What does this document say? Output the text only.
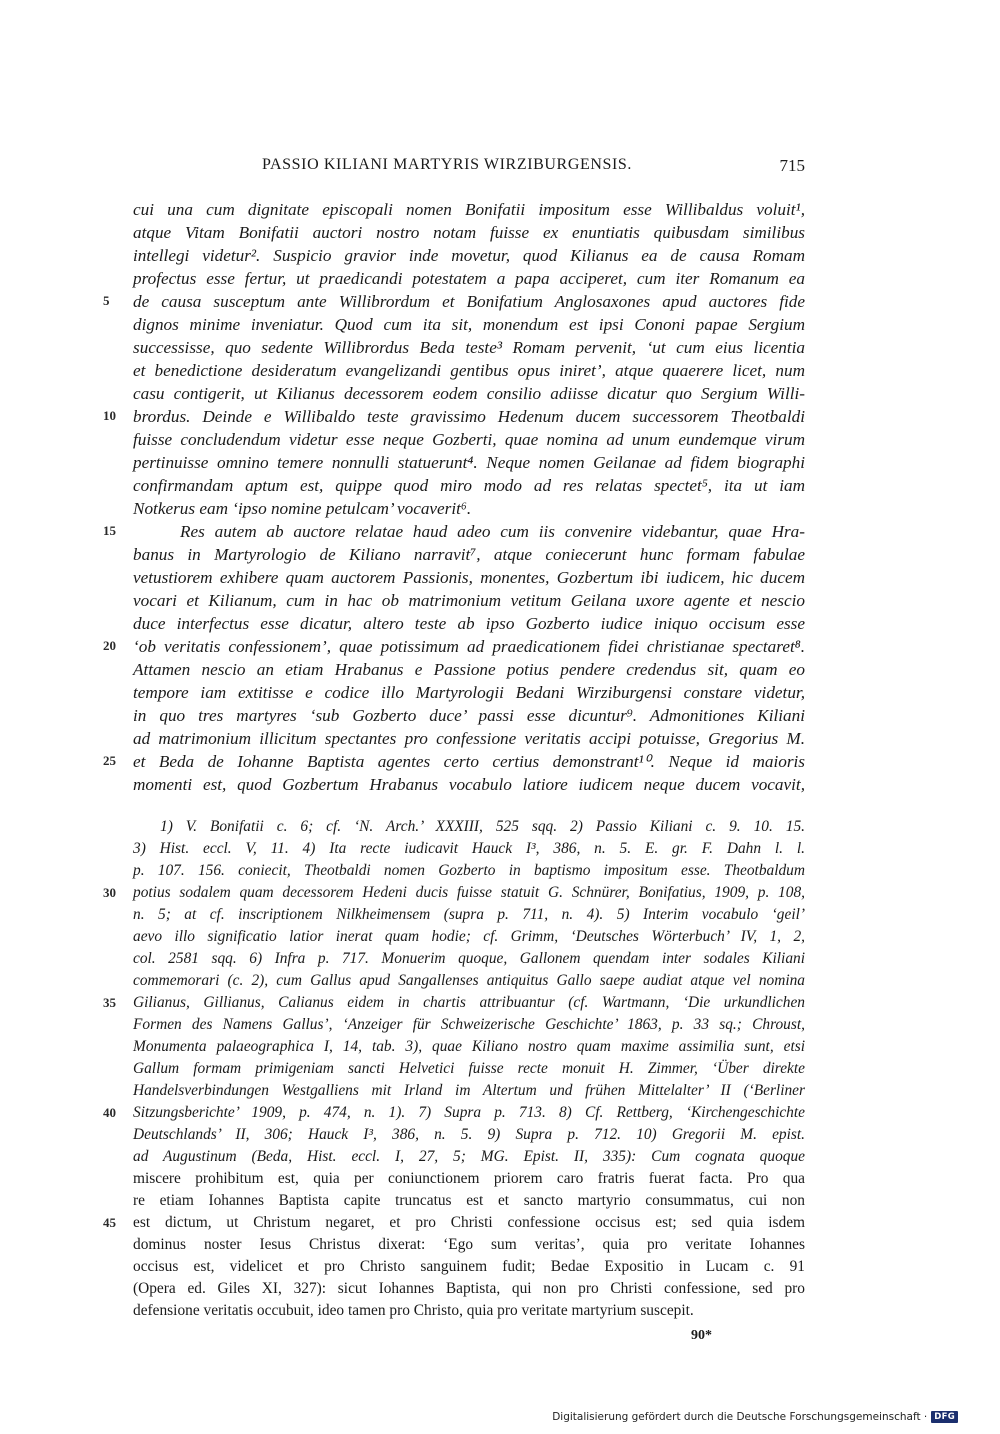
PASSIO KILIANI MARTYRIS WIRZIBURGENSIS.	715
cui una cum dignitate episcopali nomen Bonifatii impositum esse Willibaldus voluit¹,
atque Vitam Bonifatii auctori nostro notam fuisse ex enuntiatis quibusdam similibus
intellegi videtur². Suspicio gravior inde movetur, quod Kilianus ea de causa Romam
profectus esse fertur, ut praedicandi potestatem a papa acciperet, cum iter Romanum ea
de causa susceptum ante Willibrordum et Bonifatium Anglosaxones apud auctores fide
dignos minime inveniatur. Quod cum ita sit, monendum est ipsi Cononi papae Sergium
successisse, quo sedente Willibrordus Beda teste³ Romam pervenit, ‘ut cum eius licentia
et benedictione desideratum evangelizandi gentibus opus iniret’, atque quaerere licet, num
casu contigerit, ut Kilianus decessorem eodem consilio adiisse dicatur quo Sergium Willi-
brordus. Deinde e Willibaldo teste gravissimo Hedenum ducem successorem Theotbaldi
fuisse concludendum videtur esse neque Gozberti, quae nomina ad unum eundemque virum
pertinuisse omnino temere nonnulli statuerunt⁴. Neque nomen Geilanae ad fidem biographi
confirmandam aptum est, quippe quod miro modo ad res relatas spectet⁵, ita ut iam
Notkerus eam ‘ipso nomine petulcam’ vocaverit⁶.
Res autem ab auctore relatae haud adeo cum iis convenire videbantur, quae Hra-
banus in Martyrologio de Kiliano narravit⁷, atque coniecerunt hunc formam fabulae
vetustiorem exhibere quam auctorem Passionis, monentes, Gozbertum ibi iudicem, hic ducem
vocari et Kilianum, cum in hac ob matrimonium vetitum Geilana uxore agente et nescio
duce interfectus esse dicatur, altero teste ab ipso Gozberto iudice iniquo occisum esse
‘ob veritatis confessionem’, quae potissimum ad praedicationem fidei christianae spectaret⁸.
Attamen nescio an etiam Hrabanus e Passione potius pendere credendus sit, quam eo
tempore iam extitisse e codice illo Martyrologii Bedani Wirziburgensi constare videtur,
in quo tres martyres ‘sub Gozberto duce’ passi esse dicuntur⁹. Admonitiones Kiliani
ad matrimonium illicitum spectantes pro confessione veritatis accipi potuisse, Gregorius M.
et Beda de Iohanne Baptista agentes certo certius demonstrant¹⁰. Neque id maioris
momenti est, quod Gozbertum Hrabanus vocabulo latiore iudicem neque ducem vocavit,
1) V. Bonifatii c. 6; cf. ‘N. Arch.’ XXXIII, 525 sqq. 2) Passio Kiliani c. 9. 10. 15.
3) Hist. eccl. V, 11. 4) Ita recte iudicavit Hauck I³, 386, n. 5. E. gr. F. Dahn l. l.
p. 107. 156. coniecit, Theotbaldi nomen Gozberto in baptismo impositum esse. Theotbaldum
potius sodalem quam decessorem Hedeni ducis fuisse statuit G. Schnürer, Bonifatius, 1909, p. 108,
n. 5; at cf. inscriptionem Nilkheimensem (supra p. 711, n. 4). 5) Interim vocabulo ‘geil’
aevo illo significatio latior inerat quam hodie; cf. Grimm, ‘Deutsches Wörterbuch’ IV, 1, 2,
col. 2581 sqq. 6) Infra p. 717. Monuerim quoque, Gallonem quendam inter sodales Kiliani
commemorari (c. 2), cum Gallus apud Sangallenses antiquitus Gallo saepe audiat atque vel nomina
Gilianus, Gillianus, Calianus eidem in chartis attribuantur (cf. Wartmann, ‘Die urkundlichen
Formen des Namens Gallus’, ‘Anzeiger für Schweizerische Geschichte’ 1863, p. 33 sq.; Chroust,
Monumenta palaeographica I, 14, tab. 3), quae Kiliano nostro quam maxime assimilia sunt, etsi
Gallum formam primigeniam sancti Helvetici fuisse recte monuit H. Zimmer, ‘Über direkte
Handelsverbindungen Westgalliens mit Irland im Altertum und frühen Mittelalter’ II (‘Berliner
Sitzungsberichte’ 1909, p. 474, n. 1). 7) Supra p. 713. 8) Cf. Rettberg, ‘Kirchengeschichte
Deutschlands’ II, 306; Hauck I³, 386, n. 5. 9) Supra p. 712. 10) Gregorii M. epist.
ad Augustinum (Beda, Hist. eccl. I, 27, 5; MG. Epist. II, 335): Cum cognata quoque
miscere prohibitum est, quia per coniunctionem priorem caro fratris fuerat facta. Pro qua
re etiam Iohannes Baptista capite truncatus est et sancto martyrio consummatus, cui non
est dictum, ut Christum negaret, et pro Christi confessione occisus est; sed quia isdem
dominus noster Iesus Christus dixerat: ‘Ego sum veritas’, quia pro veritate Iohannes
occisus est, videlicet et pro Christo sanguinem fudit; Bedae Expositio in Lucam c. 91
(Opera ed. Giles XI, 327): sicut Iohannes Baptista, qui non pro Christi confessione, sed pro
defensione veritatis occubuit, ideo tamen pro Christo, quia pro veritate martyrium suscepit.
5
10
15
20
25
30
35
40
45
90*
Digitalisierung gefördert durch die Deutsche Forschungsgemeinschaft · DFG
